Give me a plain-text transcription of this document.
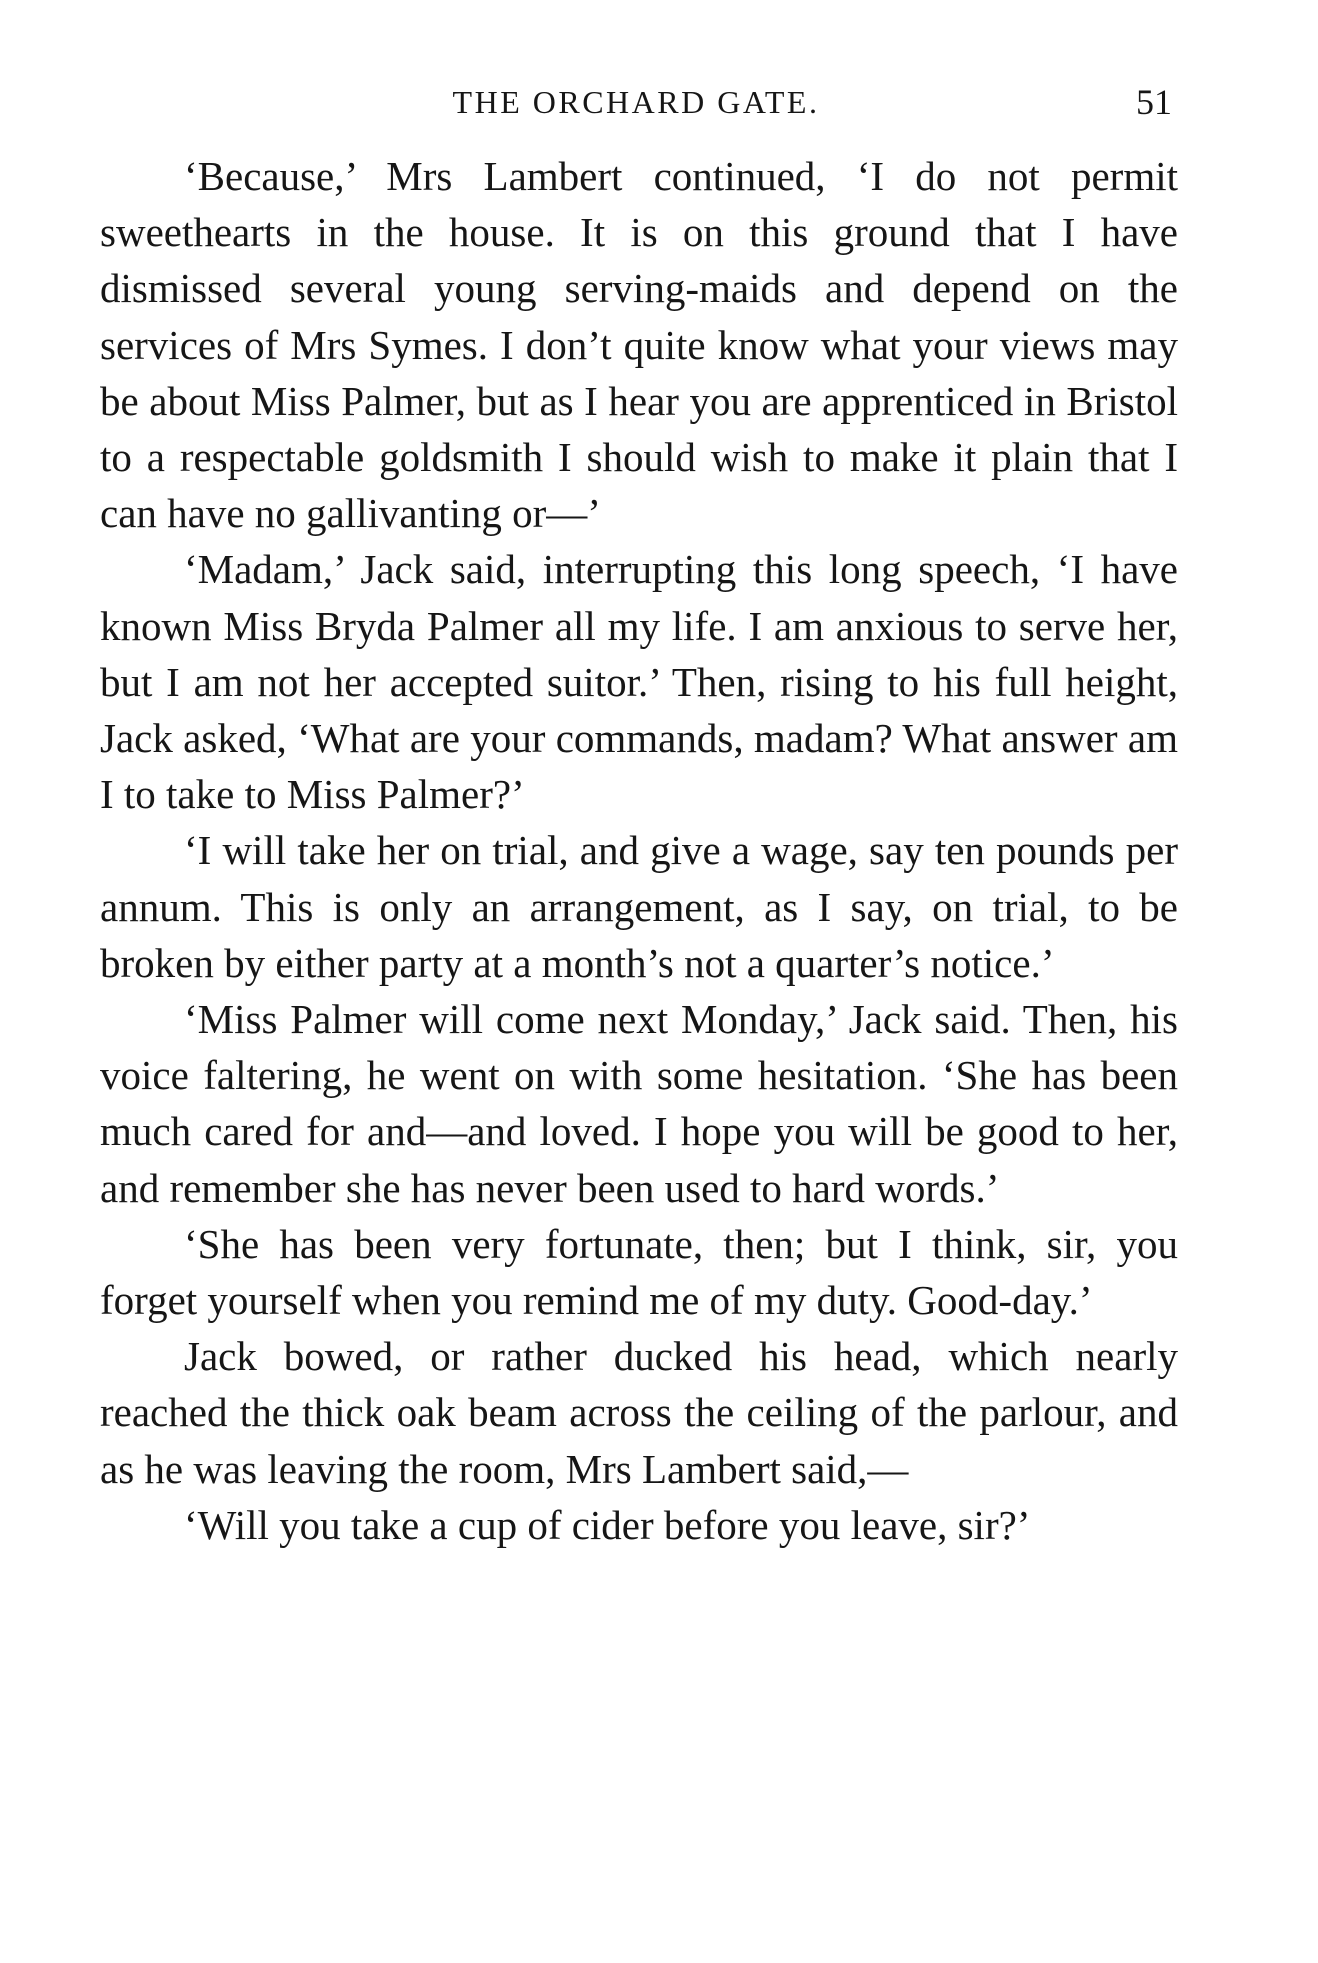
THE ORCHARD GATE.	51

‘Because,’ Mrs Lambert continued, ‘I do not permit sweethearts in the house. It is on this ground that I have dismissed several young serving-maids and depend on the services of Mrs Symes. I don’t quite know what your views may be about Miss Palmer, but as I hear you are apprenticed in Bristol to a respectable goldsmith I should wish to make it plain that I can have no gallivanting or—’

‘Madam,’ Jack said, interrupting this long speech, ‘I have known Miss Bryda Palmer all my life. I am anxious to serve her, but I am not her accepted suitor.’ Then, rising to his full height, Jack asked, ‘What are your commands, madam? What answer am I to take to Miss Palmer?’

‘I will take her on trial, and give a wage, say ten pounds per annum. This is only an arrangement, as I say, on trial, to be broken by either party at a month’s not a quarter’s notice.’

‘Miss Palmer will come next Monday,’ Jack said. Then, his voice faltering, he went on with some hesitation. ‘She has been much cared for and—and loved. I hope you will be good to her, and remember she has never been used to hard words.’

‘She has been very fortunate, then; but I think, sir, you forget yourself when you remind me of my duty. Good-day.’

Jack bowed, or rather ducked his head, which nearly reached the thick oak beam across the ceiling of the parlour, and as he was leaving the room, Mrs Lambert said,—

‘Will you take a cup of cider before you leave, sir?’
